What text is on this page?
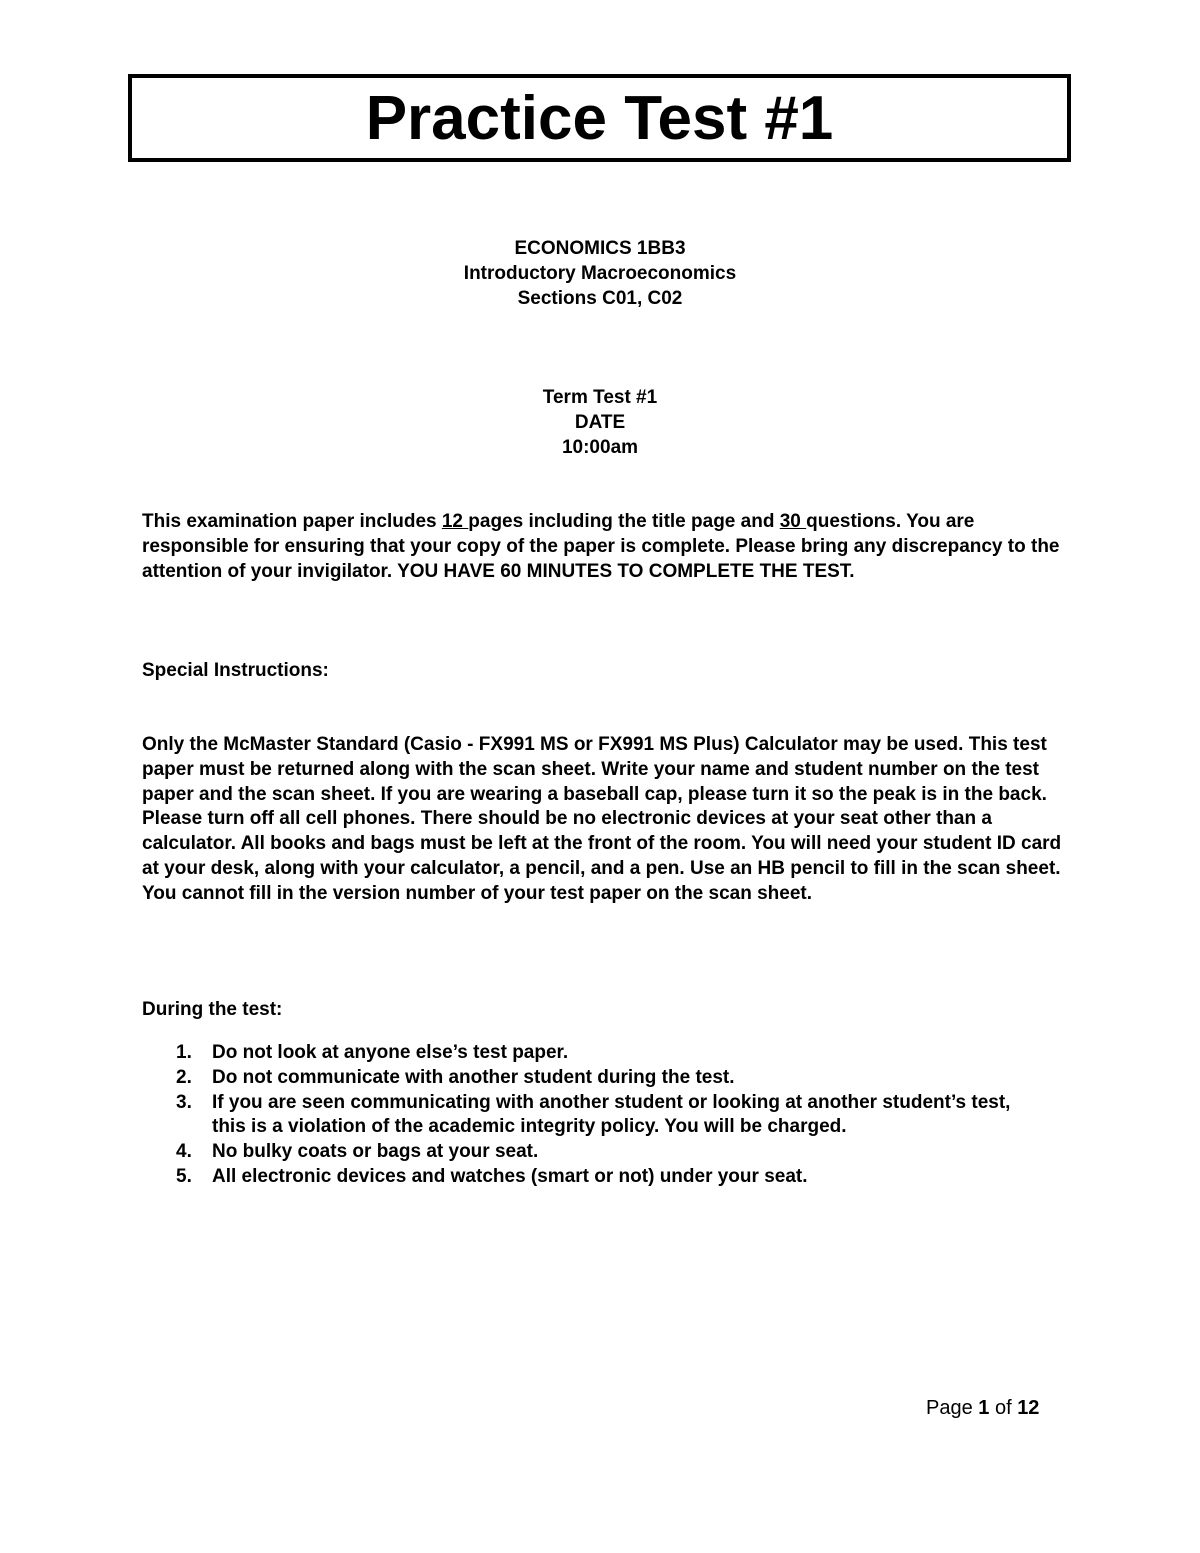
Practice Test #1
ECONOMICS 1BB3
Introductory Macroeconomics
Sections C01, C02
Term Test #1
DATE
10:00am
This examination paper includes 12 pages including the title page and 30 questions. You are responsible for ensuring that your copy of the paper is complete. Please bring any discrepancy to the attention of your invigilator. YOU HAVE 60 MINUTES TO COMPLETE THE TEST.
Special Instructions:
Only the McMaster Standard (Casio - FX991 MS or FX991 MS Plus) Calculator may be used. This test paper must be returned along with the scan sheet. Write your name and student number on the test paper and the scan sheet. If you are wearing a baseball cap, please turn it so the peak is in the back. Please turn off all cell phones. There should be no electronic devices at your seat other than a calculator. All books and bags must be left at the front of the room. You will need your student ID card at your desk, along with your calculator, a pencil, and a pen. Use an HB pencil to fill in the scan sheet. You cannot fill in the version number of your test paper on the scan sheet.
During the test:
1. Do not look at anyone else’s test paper.
2. Do not communicate with another student during the test.
3. If you are seen communicating with another student or looking at another student’s test, this is a violation of the academic integrity policy. You will be charged.
4. No bulky coats or bags at your seat.
5. All electronic devices and watches (smart or not) under your seat.
Page 1 of 12
